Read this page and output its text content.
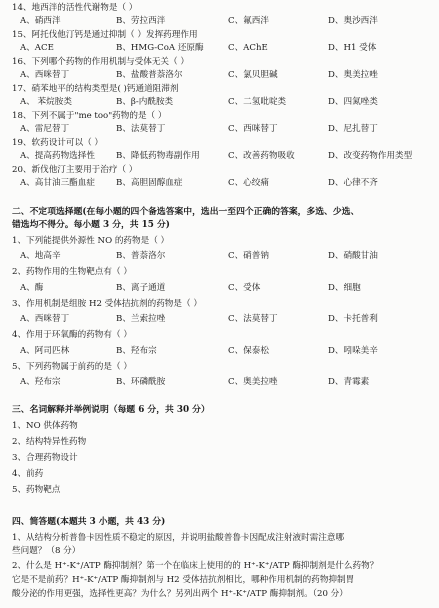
14、地西泮的活性代谢物是（ ）
A、硝西泮	B、劳拉西泮	C、氟西泮	D、奥沙西泮
15、阿托伐他汀钙是通过抑制（ ）发挥药理作用
A、ACE	B、HMG-CoA 还原酶	C、AChE	D、H1 受体
16、下列哪个药物的作用机制与受体无关（ ）
A、西咪替丁	B、盐酸普萘洛尔	C、氯贝胆碱	D、奥美拉唑
17、硝苯地平的结构类型是( )钙通道阻滞剂
A、 苯烷胺类	B、β-内酰胺类	C、二氢吡啶类	D、四氮唑类
18、下列不属于"me too"药物的是（ ）
A、雷尼替丁	B、法莫替丁	C、西咪替丁	D、尼扎替丁
19、软药设计可以（ ）
A、提高药物选择性	B、降低药物毒副作用	C、改善药物吸收	D、改变药物作用类型
20、新伐他汀主要用于治疗（ ）
A、高甘油三酯血症	B、高胆固醇血症	C、心绞痛	D、心律不齐
二、不定项选择题(在每小题的四个备选答案中，选出一至四个正确的答案，多选、少选、
错选均不得分。每小题 3 分，共 15 分)
1、下列能提供外源性 NO 的药物是（ ）
A、地高辛	B、普萘洛尔	C、硝普钠	D、硝酸甘油
2、药物作用的生物靶点有（ ）
A、酶	B、离子通道	C、受体	D、细胞
3、作用机制是组胺 H2 受体拮抗剂的药物是（ ）
A、西咪替丁	B、兰索拉唑	C、法莫替丁	D、卡托普利
4、作用于环氧酶的药物有（ ）
A、阿司匹林	B、羟布宗	C、保泰松	D、吲哚美辛
5、下列药物属于前药的是（ ）
A、羟布宗	B、环磷酰胺	C、奥美拉唑	D、青霉素
三、名词解释并举例说明（每题 6 分，共 30 分）
1、NO 供体药物
2、结构特异性药物
3、合理药物设计
4、前药
5、药物靶点
四、简答题(本题共 3 小题，共 43 分)
1、从结构分析普鲁卡因性质不稳定的原因，并说明盐酸普鲁卡因配成注射液时需注意哪
些问题？（8 分）
2、什么是 H⁺-K⁺/ATP 酶抑制剂？第一个在临床上使用的的 H⁺-K⁺/ATP 酶抑制剂是什么药物？
它是不是前药？H⁺-K⁺/ATP 酶抑制剂与 H2 受体拮抗剂相比，哪种作用机制的药物抑制胃
酸分泌的作用更强，选择性更高？为什么？另列出两个 H⁺-K⁺/ATP 酶抑制剂。（20 分）
